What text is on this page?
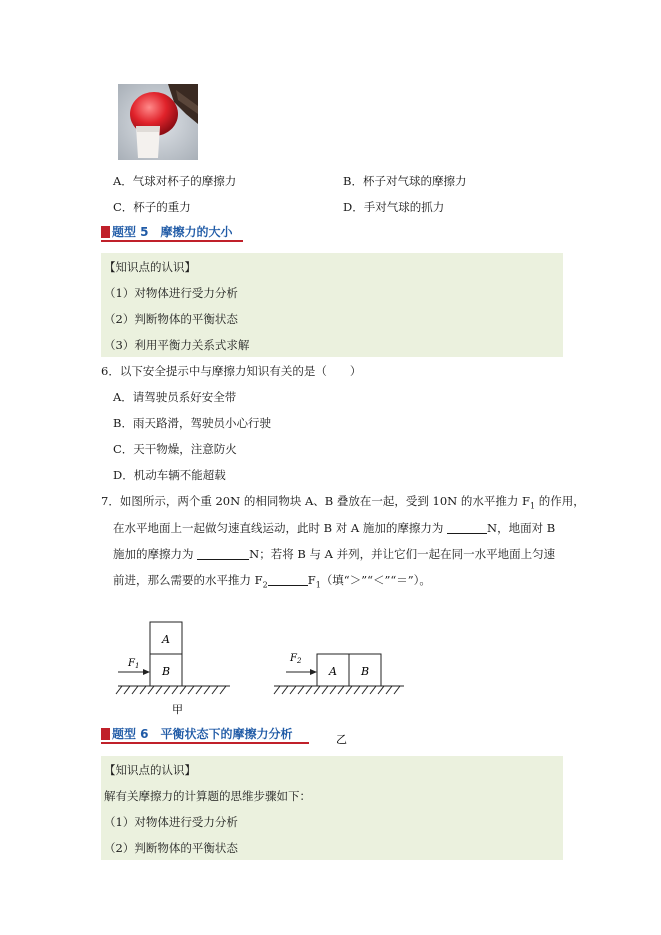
A．气球对杯子的摩擦力	B．杯子对气球的摩擦力
C．杯子的重力	D．手对气球的抓力
题型 5　摩擦力的大小
【知识点的认识】
（1）对物体进行受力分析
（2）判断物体的平衡状态
（3）利用平衡力关系式求解
6．以下安全提示中与摩擦力知识有关的是（　　）
A．请驾驶员系好安全带
B．雨天路滑，驾驶员小心行驶
C．天干物燥，注意防火
D．机动车辆不能超载
7．如图所示，两个重 20N 的相同物块 A、B 叠放在一起，受到 10N 的水平推力 $F_1$ 的作用，
在水平地面上一起做匀速直线运动，此时 B 对 A 施加的摩擦力为	N，地面对 B
施加的摩擦力为	N；若将 B 与 A 并列，并让它们一起在同一水平地面上匀速
前进，那么需要的水平推力 $F_2$	$F_1$（填“＞”“＜”“＝”）。
A
B
$F_1$
甲
A B
$F_2$
乙
题型 6　平衡状态下的摩擦力分析
【知识点的认识】
解有关摩擦力的计算题的思维步骤如下：
（1）对物体进行受力分析
（2）判断物体的平衡状态
